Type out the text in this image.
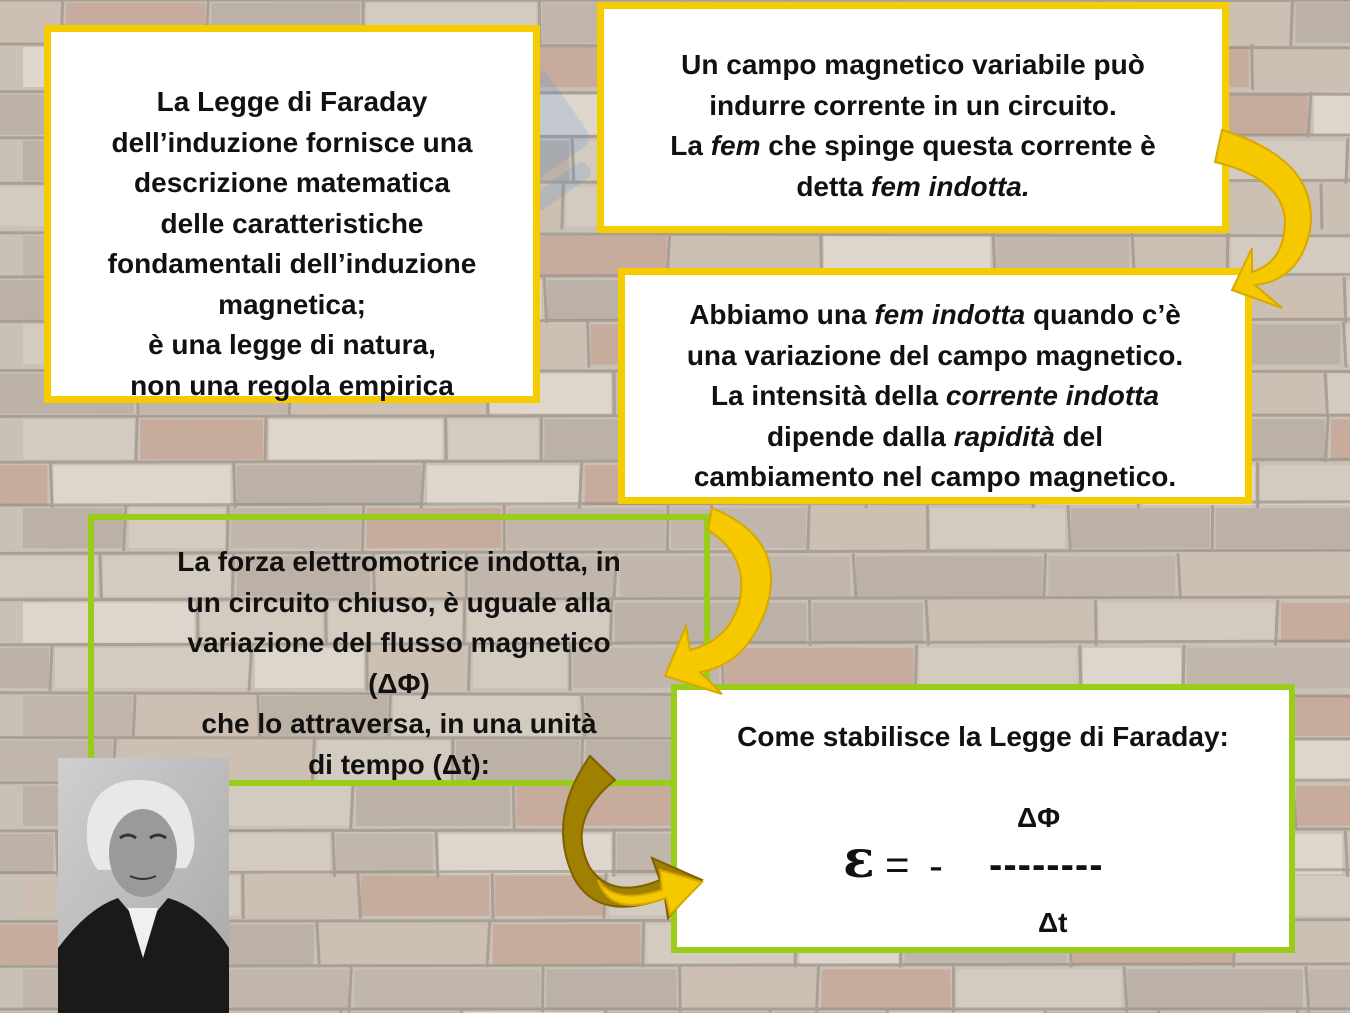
La Legge di Faraday

dell’induzione fornisce una

descrizione matematica

delle caratteristiche

fondamentali dell’induzione

magnetica;

è una legge di natura,

non una regola empirica

Un campo magnetico variabile può

indurre corrente in un circuito.

La fem che spinge questa corrente è

detta fem indotta.

Abbiamo una fem indotta quando c’è

una variazione del campo magnetico.

La intensità della corrente indotta

dipende dalla rapidità del

cambiamento nel campo magnetico.

La forza elettromotrice indotta, in

un circuito chiuso, è uguale alla

variazione del flusso magnetico

(ΔΦ)

che lo attraversa, in una unità

di tempo (Δt):

Come stabilisce la Legge di Faraday:
ΔΦ
ε = - --------
Δt
